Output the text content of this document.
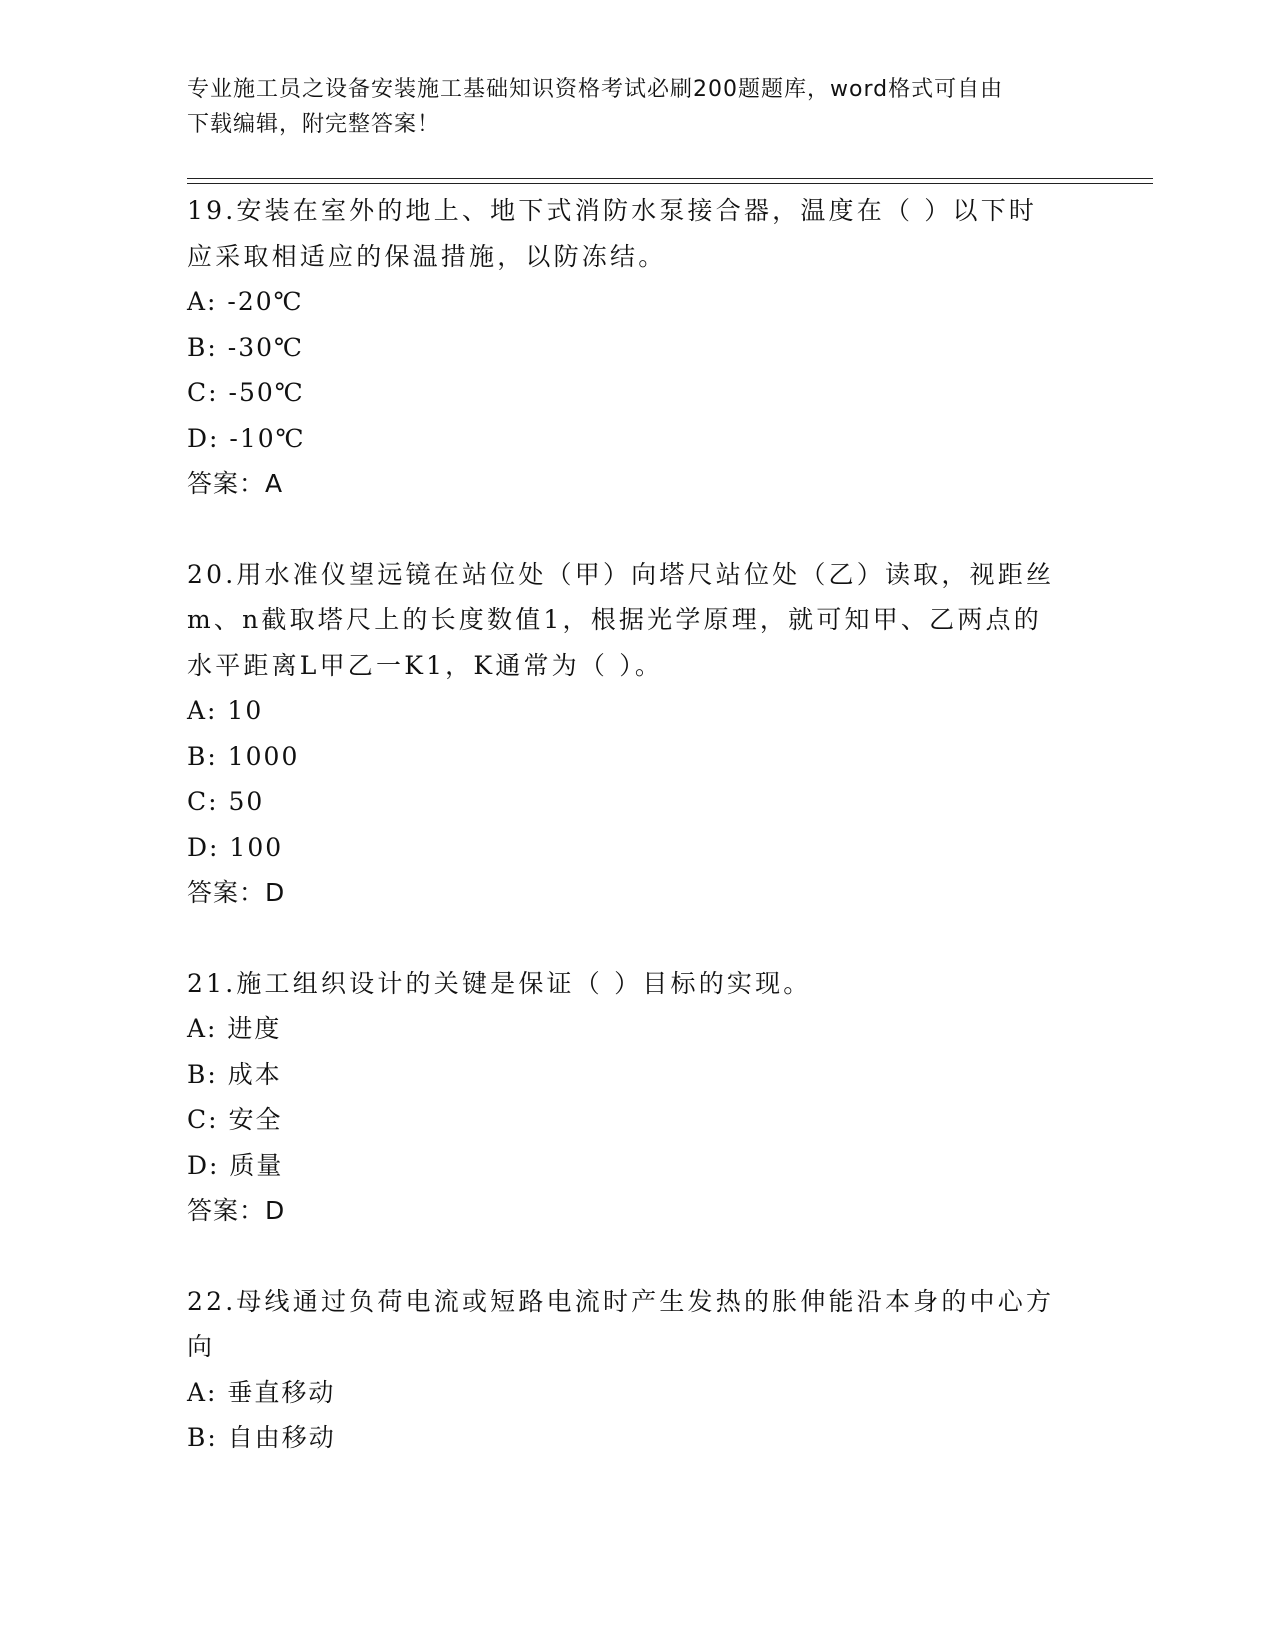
专业施工员之设备安装施工基础知识资格考试必刷200题题库，word格式可自由
下载编辑，附完整答案！

19.安装在室外的地上、地下式消防水泵接合器，温度在（ ）以下时

应采取相适应的保温措施，以防冻结。

A: -20℃

B: -30℃

C: -50℃

D: -10℃

答案：A

20.用水准仪望远镜在站位处（甲）向塔尺站位处（乙）读取，视距丝

m、n截取塔尺上的长度数值1，根据光学原理，就可知甲、乙两点的

水平距离L甲乙一K1，K通常为（ ）。

A: 10

B: 1000

C: 50

D: 100

答案：D

21.施工组织设计的关键是保证（ ）目标的实现。

A: 进度

B: 成本

C: 安全

D: 质量

答案：D

22.母线通过负荷电流或短路电流时产生发热的胀伸能沿本身的中心方

向

A: 垂直移动

B: 自由移动
